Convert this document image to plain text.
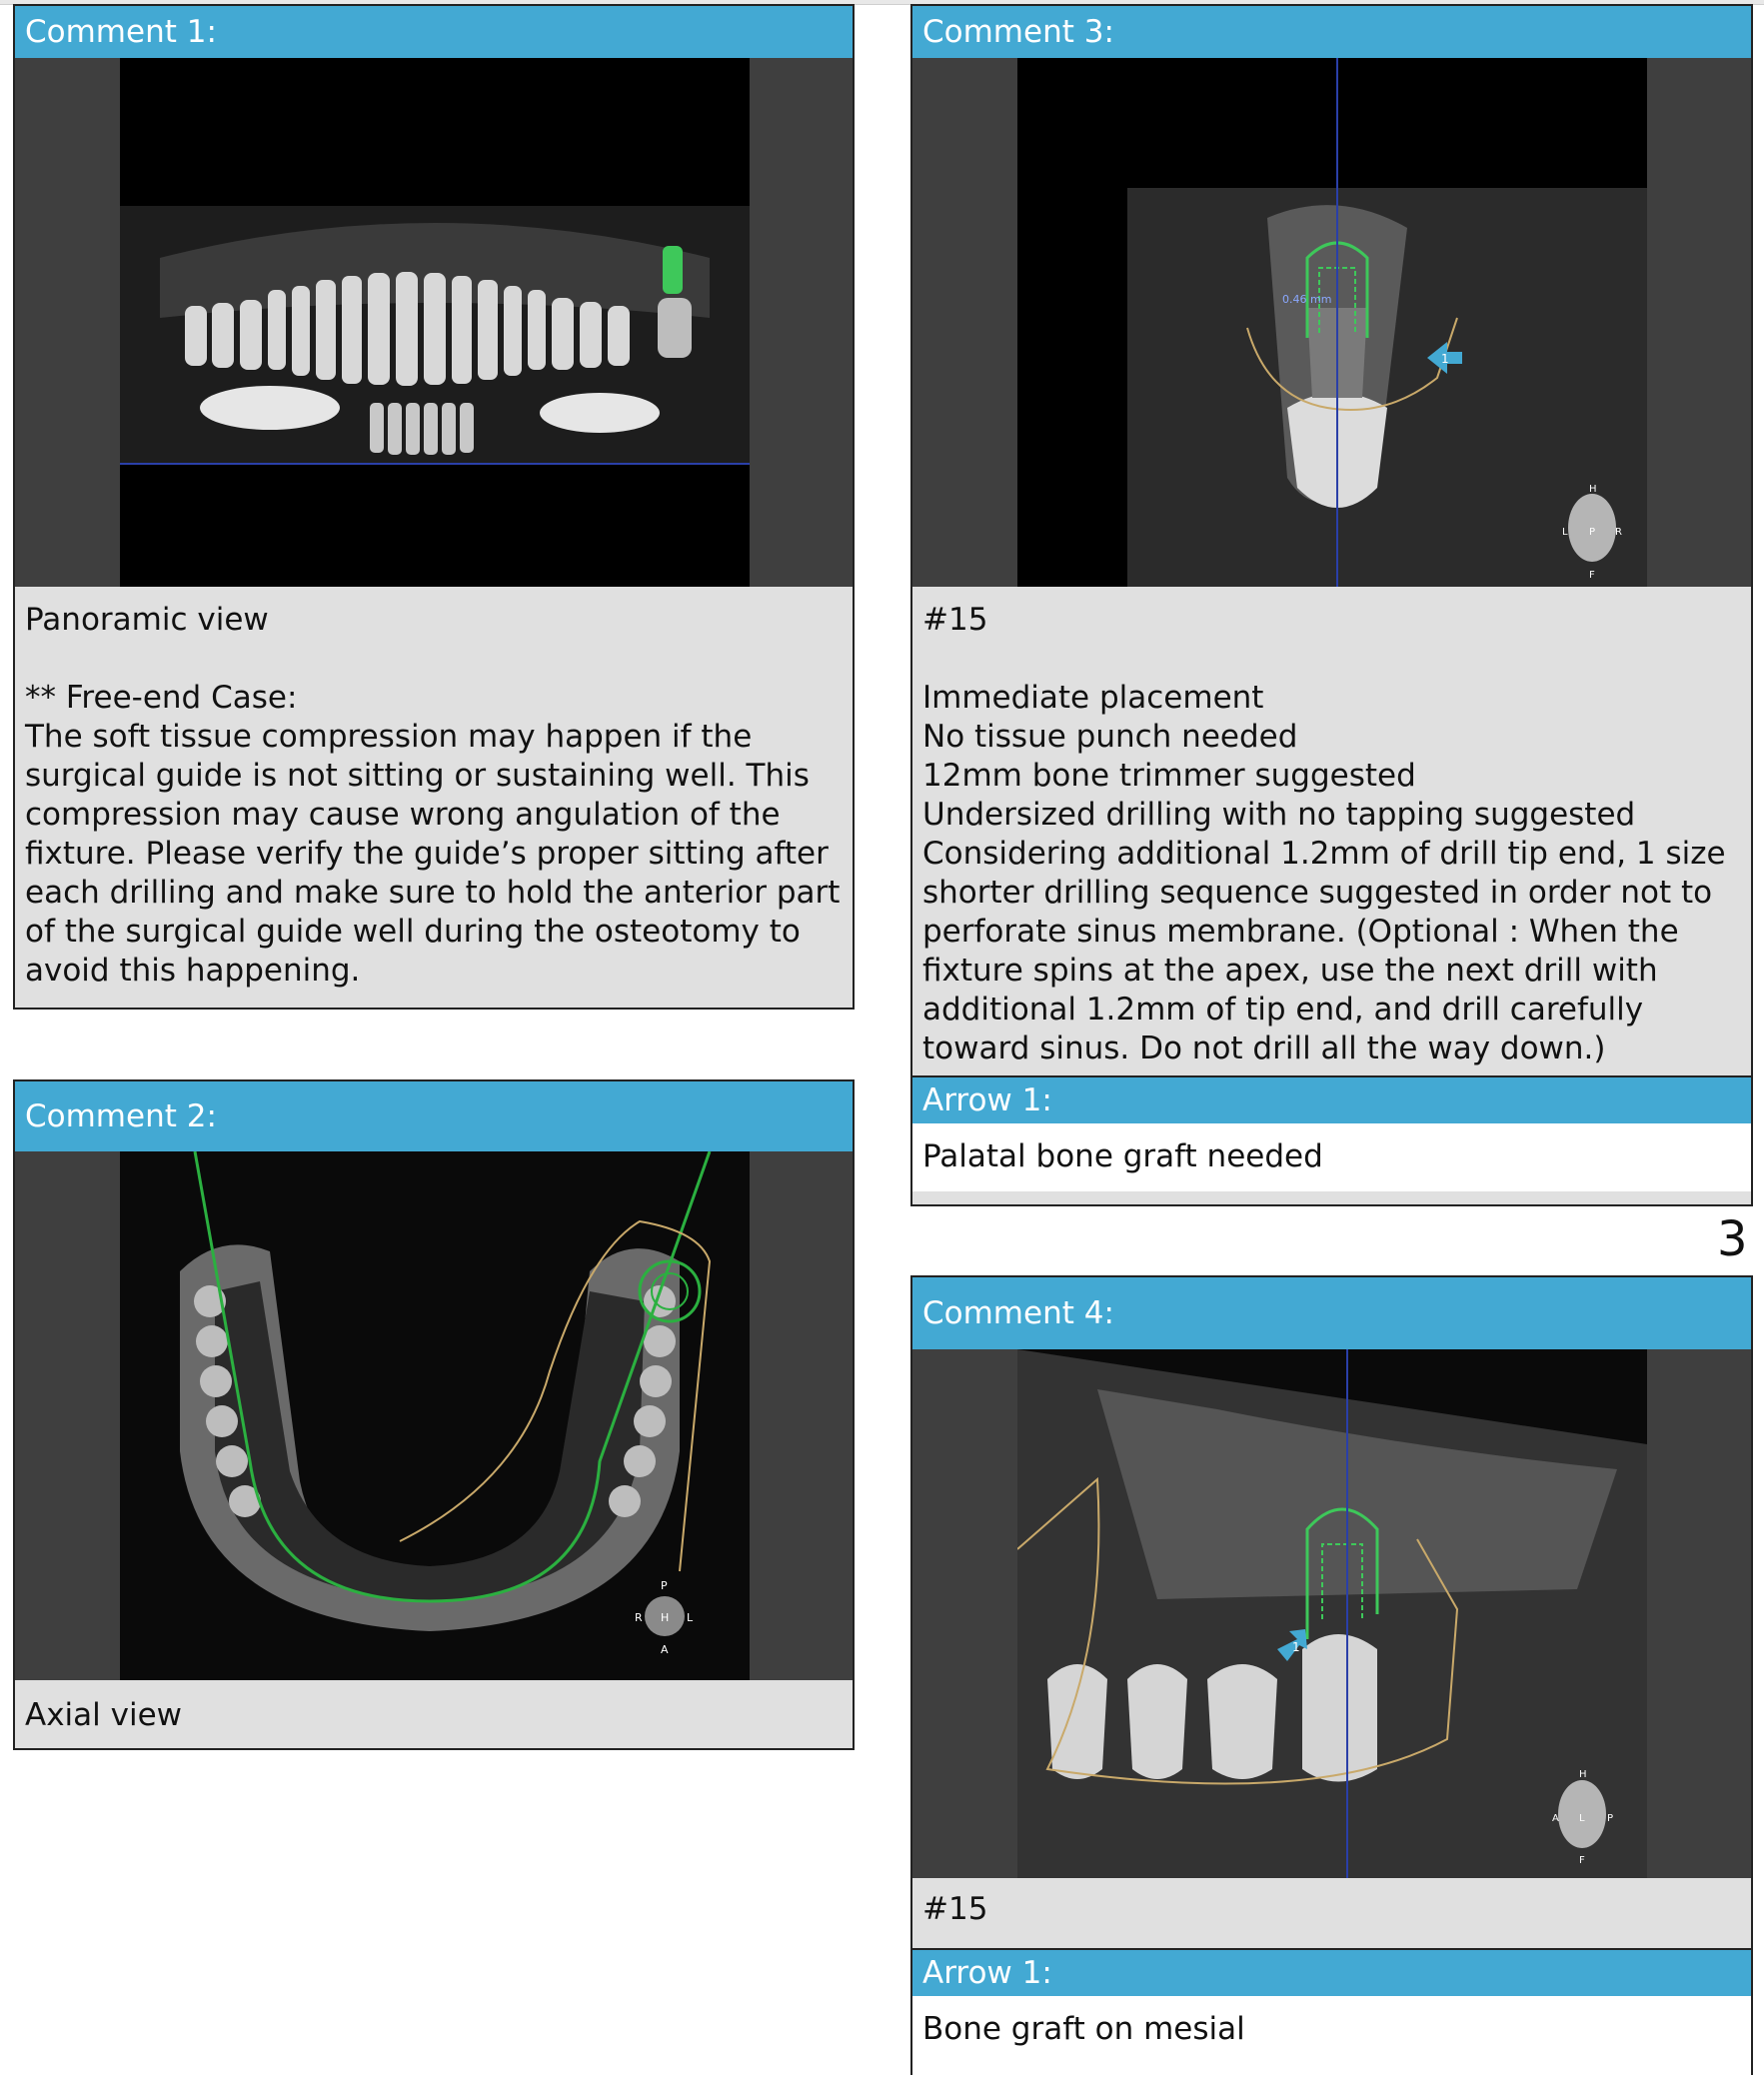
Comment 1:
Panoramic view
** Free-end Case:
The soft tissue compression may happen if the surgical guide is not sitting or sustaining well. This compression may cause wrong angulation of the fixture. Please verify the guide’s proper sitting after each drilling and make sure to hold the anterior part of the surgical guide well during the osteotomy to avoid this happening.
Comment 2:
P
R H L
A
Axial view
Comment 3:
0.46 mm
1
H
L P R
F
#15
Immediate placement
No tissue punch needed
12mm bone trimmer suggested
Undersized drilling with no tapping suggested
Considering additional 1.2mm of drill tip end, 1 size shorter drilling sequence suggested in order not to perforate sinus membrane. (Optional : When the fixture spins at the apex, use the next drill with additional 1.2mm of tip end, and drill carefully toward sinus. Do not drill all the way down.)
Arrow 1:
Palatal bone graft needed
3
Comment 4:
1
H
A L P
F
#15
Arrow 1:
Bone graft on mesial
